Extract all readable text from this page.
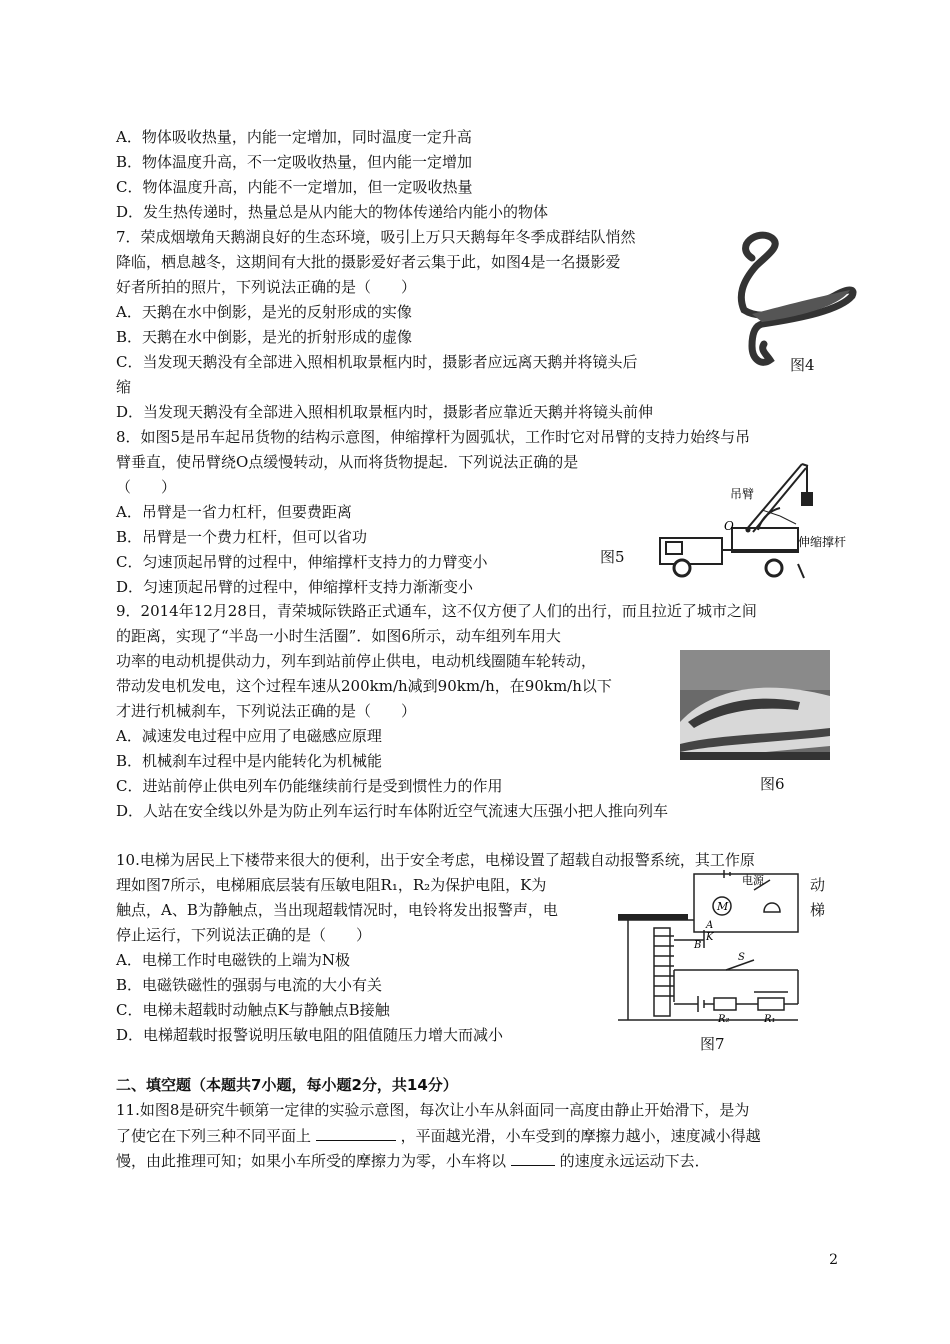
A．物体吸收热量，内能一定增加，同时温度一定升高
B．物体温度升高，不一定吸收热量，但内能一定增加
C．物体温度升高，内能不一定增加，但一定吸收热量
D．发生热传递时，热量总是从内能大的物体传递给内能小的物体
7．荣成烟墩角天鹅湖良好的生态环境，吸引上万只天鹅每年冬季成群结队悄然
降临，栖息越冬，这期间有大批的摄影爱好者云集于此，如图4是一名摄影爱
好者所拍的照片，下列说法正确的是（　　）
A．天鹅在水中倒影，是光的反射形成的实像
B．天鹅在水中倒影，是光的折射形成的虚像
C．当发现天鹅没有全部进入照相机取景框内时，摄影者应远离天鹅并将镜头后
缩
D．当发现天鹅没有全部进入照相机取景框内时，摄影者应靠近天鹅并将镜头前伸
图4
8．如图5是吊车起吊货物的结构示意图，伸缩撑杆为圆弧状，工作时它对吊臂的支持力始终与吊
臂垂直，使吊臂绕O点缓慢转动，从而将货物提起．下列说法正确的是
（　　）
A．吊臂是一省力杠杆，但要费距离
B．吊臂是一个费力杠杆，但可以省功
C．匀速顶起吊臂的过程中，伸缩撑杆支持力的力臂变小
D．匀速顶起吊臂的过程中，伸缩撑杆支持力渐渐变小
图5
吊臂
O
伸缩撑杆
9．2014年12月28日，青荣城际铁路正式通车，这不仅方便了人们的出行，而且拉近了城市之间
的距离，实现了“半岛一小时生活圈”．如图6所示，动车组列车用大
功率的电动机提供动力，列车到站前停止供电，电动机线圈随车轮转动，
带动发电机发电，这个过程车速从200km/h减到90km/h，在90km/h以下
才进行机械刹车，下列说法正确的是（　　）
A．减速发电过程中应用了电磁感应原理
B．机械刹车过程中是内能转化为机械能
C．进站前停止供电列车仍能继续前行是受到惯性力的作用
D．人站在安全线以外是为防止列车运行时车体附近空气流速大压强小把人推向列车
图6
10.电梯为居民上下楼带来很大的便利，出于安全考虑，电梯设置了超载自动报警系统，其工作原
理如图7所示，电梯厢底层装有压敏电阻R₁，R₂为保护电阻，K为	动
触点，A、B为静触点，当出现超载情况时，电铃将发出报警声，电	梯
停止运行，下列说法正确的是（　　）
A．电梯工作时电磁铁的上端为N极
B．电磁铁磁性的强弱与电流的大小有关
C．电梯未超载时动触点K与静触点B接触
D．电梯超载时报警说明压敏电阻的阻值随压力增大而减小
电源
M
A
K
B
S
R₂	R₁
图7
二、填空题（本题共7小题，每小题2分，共14分）
11.如图8是研究牛顿第一定律的实验示意图，每次让小车从斜面同一高度由静止开始滑下，是为
了使它在下列三种不同平面上	，平面越光滑，小车受到的摩擦力越小，速度减小得越
慢，由此推理可知；如果小车所受的摩擦力为零，小车将以	的速度永远运动下去．
2
